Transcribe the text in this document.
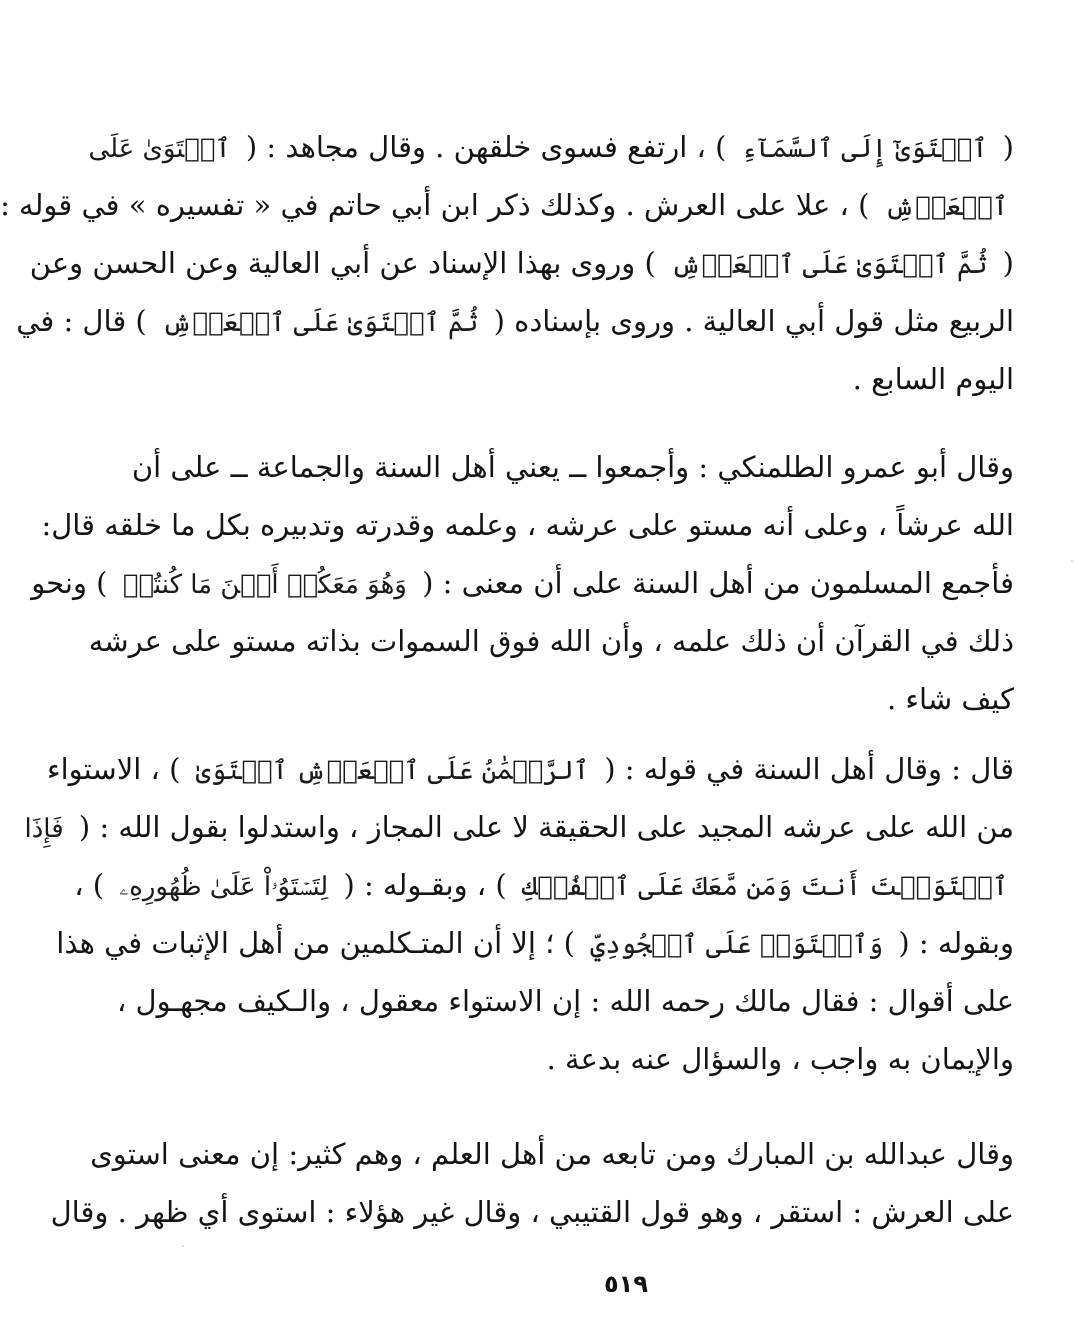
( ٱسۡتَوَىٰٓ إِلَى ٱلسَّمَآءِ ) ، ارتفع فسوى خلقهن . وقال مجاهد : ( ٱسۡتَوَىٰ عَلَى
ٱلۡعَرۡشِ ) ، علا على العرش . وكذلك ذكر ابن أبي حاتم في « تفسيره » في قوله :
( ثُمَّ ٱسۡتَوَىٰ عَلَى ٱلۡعَرۡشِ ) وروى بهذا الإسناد عن أبي العالية وعن الحسن وعن
الربيع مثل قول أبي العالية . وروى بإسناده ( ثُمَّ ٱسۡتَوَىٰ عَلَى ٱلۡعَرۡشِ ) قال : في
اليوم السابع .
وقال أبو عمرو الطلمنكي : وأجمعوا ــ يعني أهل السنة والجماعة ــ على أن
الله عرشاً ، وعلى أنه مستو على عرشه ، وعلمه وقدرته وتدبيره بكل ما خلقه قال:
فأجمع المسلمون من أهل السنة على أن معنى : ( وَهُوَ مَعَكُمۡ أَيۡنَ مَا كُنتُمۡ ) ونحو
ذلك في القرآن أن ذلك علمه ، وأن الله فوق السموات بذاته مستو على عرشه
كيف شاء .
قال : وقال أهل السنة في قوله : ( ٱلرَّحۡمَٰنُ عَلَى ٱلۡعَرۡشِ ٱسۡتَوَىٰ ) ، الاستواء
من الله على عرشه المجيد على الحقيقة لا على المجاز ، واستدلوا بقول الله : ( فَإِذَا
ٱسۡتَوَيۡتَ أَنتَ وَمَن مَّعَكَ عَلَى ٱلۡفُلۡكِ ) ، وبقـوله : ( لِتَسۡتَوُۥاْ عَلَىٰ ظُهُورِهِۦ ) ،
وبقوله : ( وَٱسۡتَوَتۡ عَلَى ٱلۡجُودِيِّ ) ؛ إلا أن المتـكلمين من أهل الإثبات في هذا
على أقوال : فقال مالك رحمه الله : إن الاستواء معقول ، والـكيف مجهـول ،
والإيمان به واجب ، والسؤال عنه بدعة .
وقال عبدالله بن المبارك ومن تابعه من أهل العلم ، وهم كثير: إن معنى استوى
على العرش : استقر ، وهو قول القتيبي ، وقال غير هؤلاء : استوى أي ظهر . وقال
٥١٩
